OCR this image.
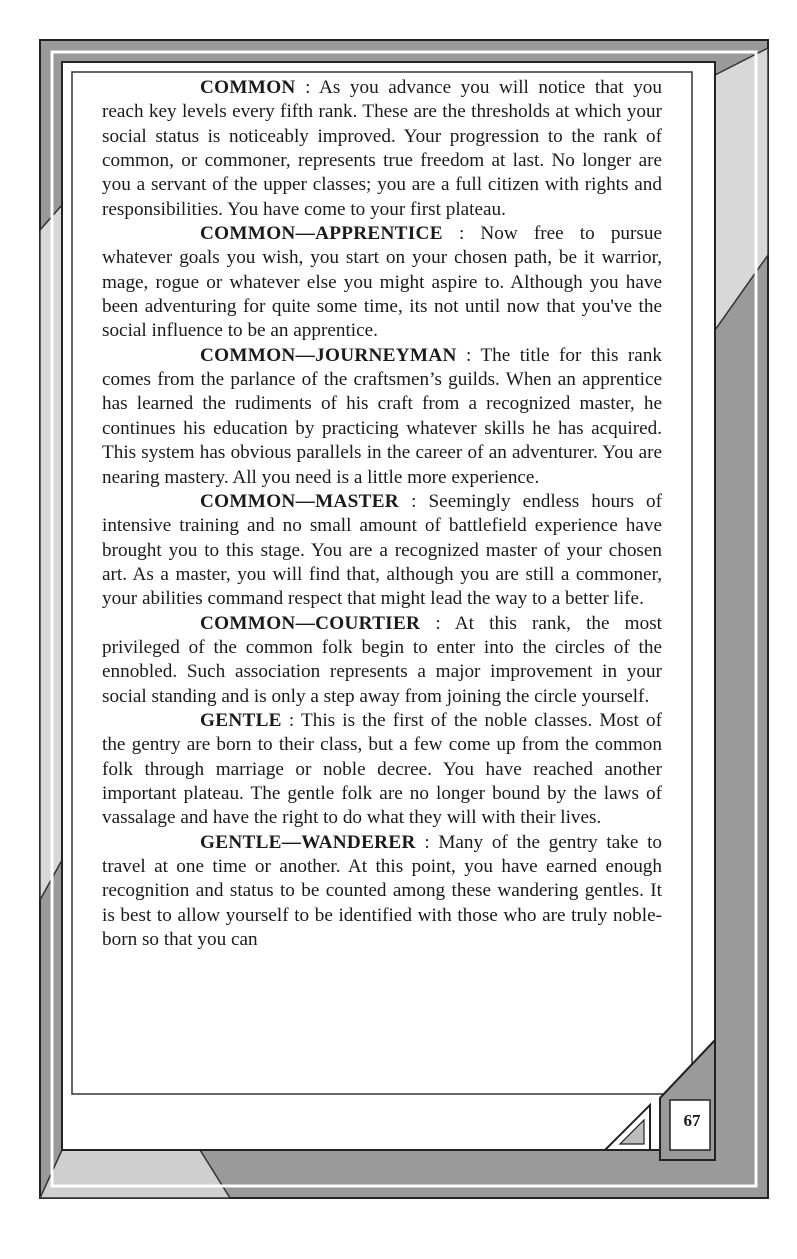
COMMON : As you advance you will notice that you reach key levels every fifth rank. These are the thresholds at which your social status is noticeably improved. Your progression to the rank of common, or commoner, represents true freedom at last. No longer are you a servant of the upper classes; you are a full citizen with rights and responsibilities. You have come to your first plateau.

COMMON—APPRENTICE : Now free to pursue whatever goals you wish, you start on your chosen path, be it warrior, mage, rogue or whatever else you might aspire to. Although you have been adventuring for quite some time, its not until now that you've the social influence to be an apprentice.

COMMON—JOURNEYMAN : The title for this rank comes from the parlance of the craftsmen’s guilds. When an apprentice has learned the rudiments of his craft from a recognized master, he continues his education by practicing whatever skills he has acquired. This system has obvious parallels in the career of an adventurer. You are nearing mastery. All you need is a little more experience.

COMMON—MASTER : Seemingly endless hours of intensive training and no small amount of battlefield experience have brought you to this stage. You are a recognized master of your chosen art. As a master, you will find that, although you are still a commoner, your abilities command respect that might lead the way to a better life.

COMMON—COURTIER : At this rank, the most privileged of the common folk begin to enter into the circles of the ennobled. Such association represents a major improvement in your social standing and is only a step away from joining the circle yourself.

GENTLE : This is the first of the noble classes. Most of the gentry are born to their class, but a few come up from the common folk through marriage or noble decree. You have reached another important plateau. The gentle folk are no longer bound by the laws of vassalage and have the right to do what they will with their lives.

GENTLE—WANDERER : Many of the gentry take to travel at one time or another. At this point, you have earned enough recognition and status to be counted among these wandering gentles. It is best to allow yourself to be identified with those who are truly noble-born so that you can

67
